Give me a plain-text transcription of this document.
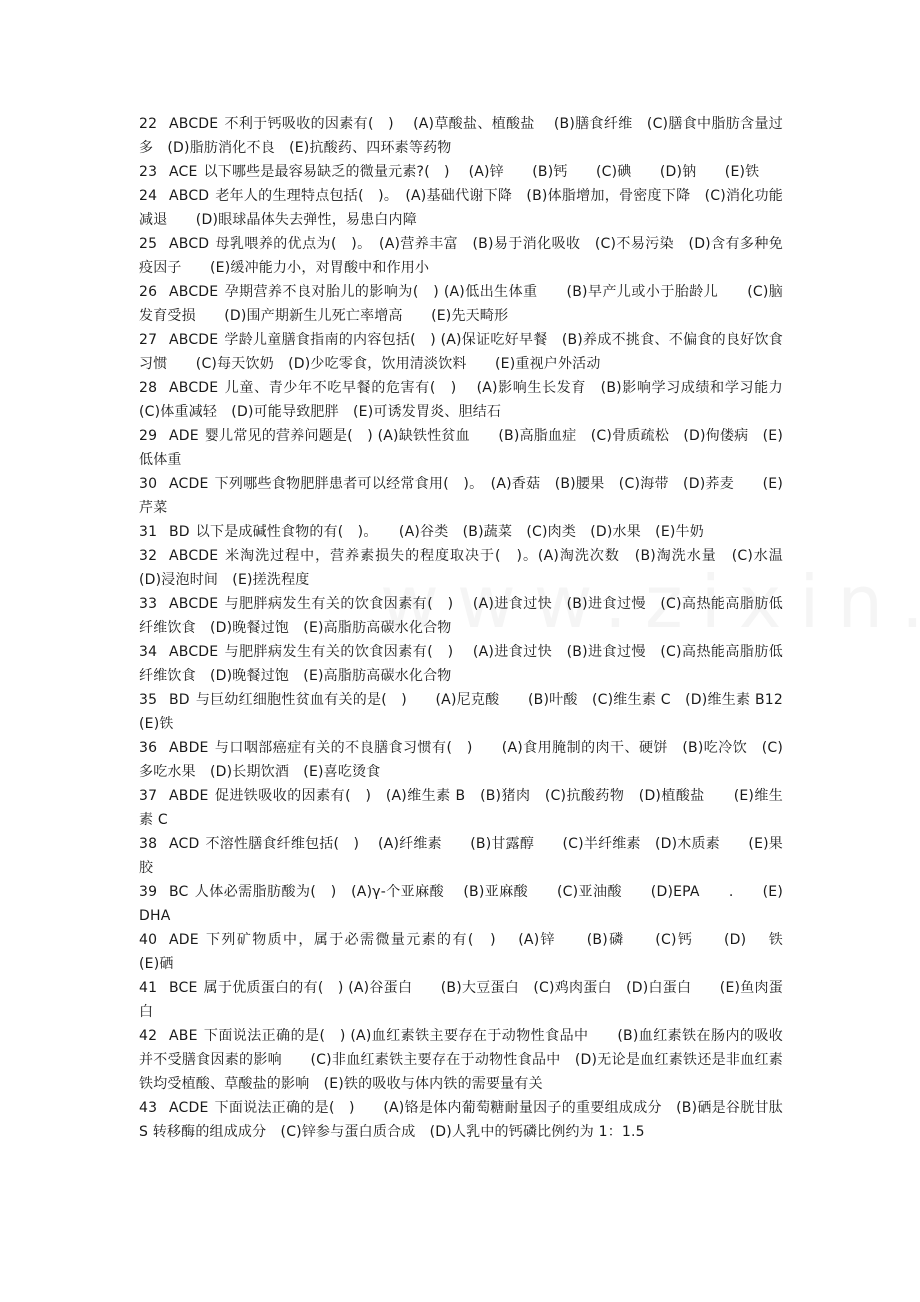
22 ABCDE 不利于钙吸收的因素有(　)　 (A)草酸盐、植酸盐　 (B)膳食纤维　(C)膳食中脂肪含量过多　(D)脂肪消化不良　(E)抗酸药、四环素等药物
23 ACE 以下哪些是最容易缺乏的微量元素?(　)　 (A)锌　　(B)钙　　(C)碘　　(D)钠　　(E)铁
24 ABCD 老年人的生理特点包括(　)。　(A)基础代谢下降　(B)体脂增加，骨密度下降　(C)消化功能减退　　(D)眼球晶体失去弹性，易患白内障
25 ABCD 母乳喂养的优点为(　)。　(A)营养丰富　(B)易于消化吸收　(C)不易污染　(D)含有多种免疫因子　　(E)缓冲能力小，对胃酸中和作用小
26 ABCDE 孕期营养不良对胎儿的影响为(　) (A)低出生体重　　(B)早产儿或小于胎龄儿　　(C)脑发育受损　　(D)围产期新生儿死亡率增高　　(E)先天畸形
27 ABCDE 学龄儿童膳食指南的内容包括(　) (A)保证吃好早餐　(B)养成不挑食、不偏食的良好饮食习惯　　(C)每天饮奶　(D)少吃零食，饮用清淡饮料　　(E)重视户外活动
28 ABCDE 儿童、青少年不吃早餐的危害有(　)　 (A)影响生长发育　(B)影响学习成绩和学习能力　(C)体重减轻　(D)可能导致肥胖　(E)可诱发胃炎、胆结石
29 ADE 婴儿常见的营养问题是(　) (A)缺铁性贫血　　(B)高脂血症　(C)骨质疏松　(D)佝偻病　(E)低体重
30 ACDE 下列哪些食物肥胖患者可以经常食用(　)。　(A)香菇　(B)腰果　(C)海带　(D)荞麦　　(E)芹菜
31 BD 以下是成碱性食物的有(　)。　　(A)谷类　(B)蔬菜　(C)肉类　(D)水果　(E)牛奶
32 ABCDE 米淘洗过程中，营养素损失的程度取决于(　)。(A)淘洗次数　(B)淘洗水量　(C)水温　　(D)浸泡时间　(E)搓洗程度
33 ABCDE 与肥胖病发生有关的饮食因素有(　)　 (A)进食过快　(B)进食过慢　(C)高热能高脂肪低纤维饮食　(D)晚餐过饱　(E)高脂肪高碳水化合物
34 ABCDE 与肥胖病发生有关的饮食因素有(　)　 (A)进食过快　(B)进食过慢　(C)高热能高脂肪低纤维饮食　(D)晚餐过饱　(E)高脂肪高碳水化合物
35 BD 与巨幼红细胞性贫血有关的是(　)　　(A)尼克酸　　(B)叶酸　(C)维生素 C　(D)维生素 B12　 (E)铁
36 ABDE 与口咽部癌症有关的不良膳食习惯有(　)　　(A)食用腌制的肉干、硬饼　(B)吃冷饮　(C)多吃水果　(D)长期饮酒　(E)喜吃烫食
37 ABDE 促进铁吸收的因素有(　)　(A)维生素 B　(B)猪肉　(C)抗酸药物　(D)植酸盐　　(E)维生素 C
38 ACD 不溶性膳食纤维包括(　)　 (A)纤维素　　(B)甘露醇　　(C)半纤维素　(D)木质素　　(E)果胶
39 BC 人体必需脂肪酸为(　)　(A)γ-个亚麻酸　 (B)亚麻酸　　(C)亚油酸　　(D)EPA　　.　　(E)DHA
40 ADE 下列矿物质中，属于必需微量元素的有(　)　 (A)锌　　(B)磷　　(C)钙　　(D)　 铁　　(E)硒
41 BCE 属于优质蛋白的有(　) (A)谷蛋白　　(B)大豆蛋白　(C)鸡肉蛋白　(D)白蛋白　　(E)鱼肉蛋白
42 ABE 下面说法正确的是(　) (A)血红素铁主要存在于动物性食品中　　(B)血红素铁在肠内的吸收并不受膳食因素的影响　　(C)非血红素铁主要存在于动物性食品中　(D)无论是血红素铁还是非血红素铁均受植酸、草酸盐的影响　(E)铁的吸收与体内铁的需要量有关
43 ACDE 下面说法正确的是(　)　　(A)铬是体内葡萄糖耐量因子的重要组成成分　(B)硒是谷胱甘肽 S 转移酶的组成成分　(C)锌参与蛋白质合成　(D)人乳中的钙磷比例约为 1：1.5
